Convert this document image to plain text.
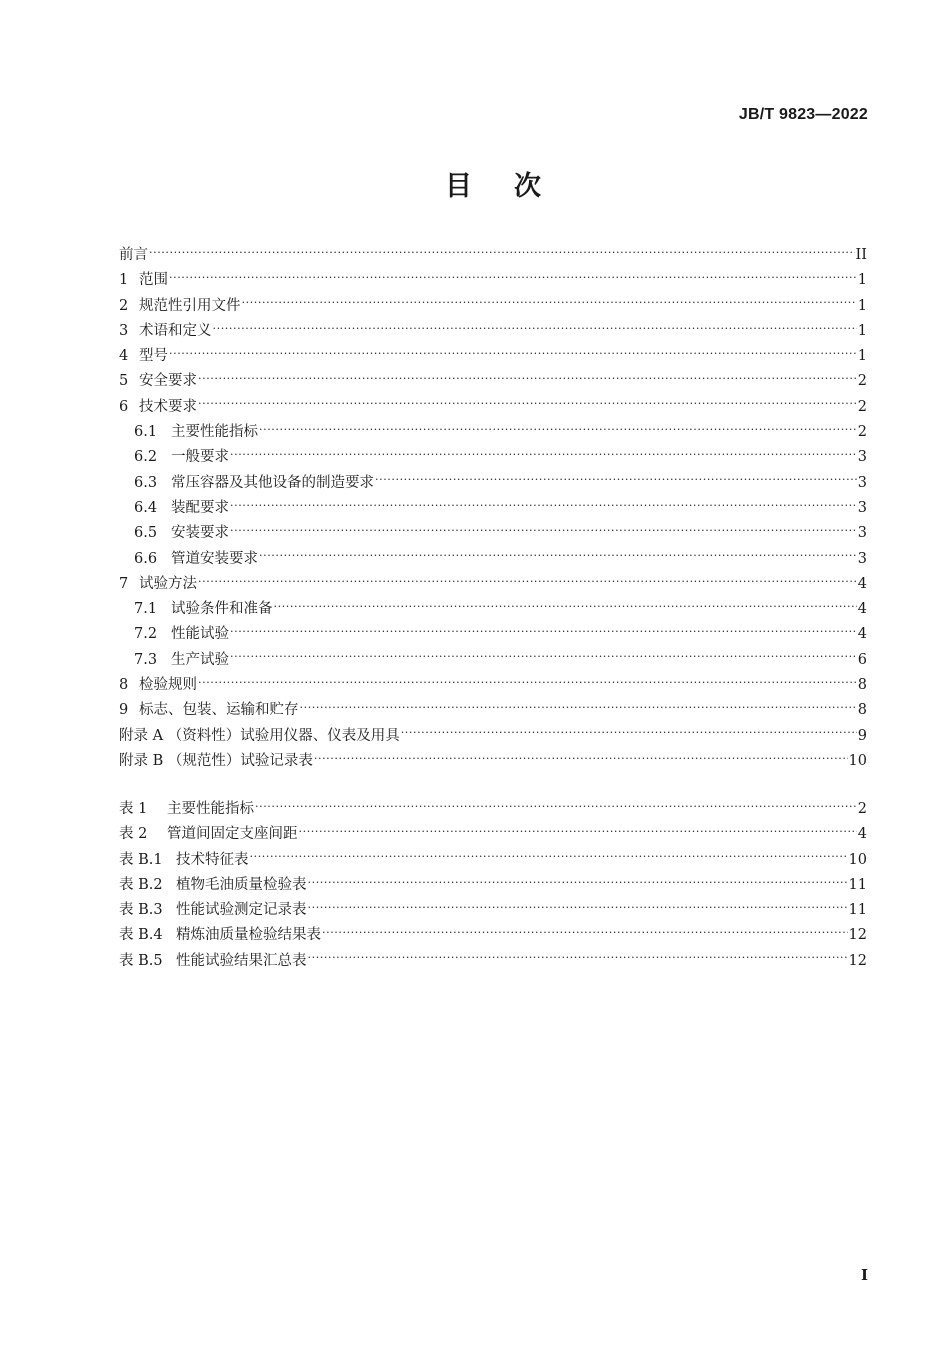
JB/T 9823—2022
目 次
前言 .....	II
1 范围 .....	1
2 规范性引用文件 .....	1
3 术语和定义 .....	1
4 型号 .....	1
5 安全要求 .....	2
6 技术要求 .....	2
6.1 主要性能指标 .....	2
6.2 一般要求 .....	3
6.3 常压容器及其他设备的制造要求 .....	3
6.4 装配要求 .....	3
6.5 安装要求 .....	3
6.6 管道安装要求 .....	3
7 试验方法 .....	4
7.1 试验条件和准备 .....	4
7.2 性能试验 .....	4
7.3 生产试验 .....	6
8 检验规则 .....	8
9 标志、包装、运输和贮存 .....	8
附录 A （资料性）试验用仪器、仪表及用具 .....	9
附录 B （规范性）试验记录表 .....	10
表 1	主要性能指标 .....	2
表 2	管道间固定支座间距 .....	4
表 B.1 技术特征表 .....	10
表 B.2 植物毛油质量检验表 .....	11
表 B.3 性能试验测定记录表 .....	11
表 B.4 精炼油质量检验结果表 .....	12
表 B.5 性能试验结果汇总表 .....	12
I
